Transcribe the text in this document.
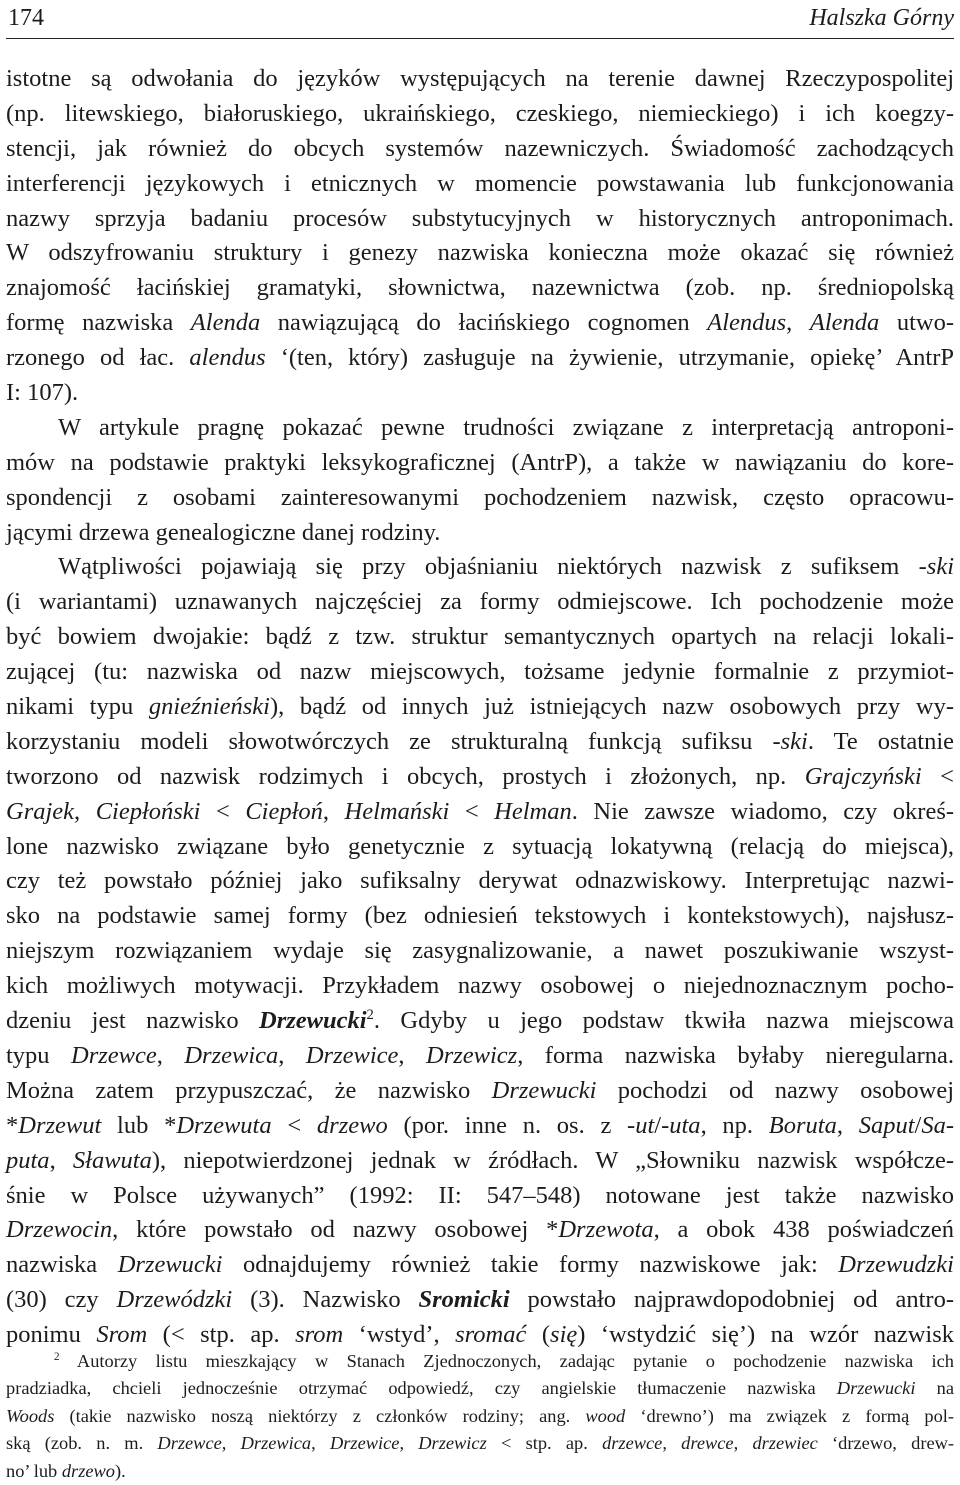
174	Halszka Górny
istotne są odwołania do języków występujących na terenie dawnej Rzeczypospolitej
(np. litewskiego, białoruskiego, ukraińskiego, czeskiego, niemieckiego) i ich koegzy-
stencji, jak również do obcych systemów nazewniczych. Świadomość zachodzących
interferencji językowych i etnicznych w momencie powstawania lub funkcjonowania
nazwy sprzyja badaniu procesów substytucyjnych w historycznych antroponimach.
W odszyfrowaniu struktury i genezy nazwiska konieczna może okazać się również
znajomość łacińskiej gramatyki, słownictwa, nazewnictwa (zob. np. średniopolską
formę nazwiska Alenda nawiązującą do łacińskiego cognomen Alendus, Alenda utwo-
rzonego od łac. alendus ‘(ten, który) zasługuje na żywienie, utrzymanie, opiekę’ AntrP
I: 107).
W artykule pragnę pokazać pewne trudności związane z interpretacją antroponi-
mów na podstawie praktyki leksykograficznej (AntrP), a także w nawiązaniu do kore-
spondencji z osobami zainteresowanymi pochodzeniem nazwisk, często opracowu-
jącymi drzewa genealogiczne danej rodziny.
Wątpliwości pojawiają się przy objaśnianiu niektórych nazwisk z sufiksem -ski
(i wariantami) uznawanych najczęściej za formy odmiejscowe. Ich pochodzenie może
być bowiem dwojakie: bądź z tzw. struktur semantycznych opartych na relacji lokali-
zującej (tu: nazwiska od nazw miejscowych, tożsame jedynie formalnie z przymiot-
nikami typu gnieźnieński), bądź od innych już istniejących nazw osobowych przy wy-
korzystaniu modeli słowotwórczych ze strukturalną funkcją sufiksu -ski. Te ostatnie
tworzono od nazwisk rodzimych i obcych, prostych i złożonych, np. Grajczyński <
Grajek, Ciepłoński < Ciepłoń, Helmański < Helman. Nie zawsze wiadomo, czy okreś-
lone nazwisko związane było genetycznie z sytuacją lokatywną (relacją do miejsca),
czy też powstało później jako sufiksalny derywat odnazwiskowy. Interpretując nazwi-
sko na podstawie samej formy (bez odniesień tekstowych i kontekstowych), najsłusz-
niejszym rozwiązaniem wydaje się zasygnalizowanie, a nawet poszukiwanie wszyst-
kich możliwych motywacji. Przykładem nazwy osobowej o niejednoznacznym pocho-
dzeniu jest nazwisko Drzewucki$^2$. Gdyby u jego podstaw tkwiła nazwa miejscowa
typu Drzewce, Drzewica, Drzewice, Drzewicz, forma nazwiska byłaby nieregularna.
Można zatem przypuszczać, że nazwisko Drzewucki pochodzi od nazwy osobowej
*Drzewut lub *Drzewuta < drzewo (por. inne n. os. z -ut/-uta, np. Boruta, Saput/Sa-
puta, Sławuta), niepotwierdzonej jednak w źródłach. W „Słowniku nazwisk współcze-
śnie w Polsce używanych” (1992: II: 547–548) notowane jest także nazwisko
Drzewocin, które powstało od nazwy osobowej *Drzewota, a obok 438 poświadczeń
nazwiska Drzewucki odnajdujemy również takie formy nazwiskowe jak: Drzewudzki
(30) czy Drzewódzki (3). Nazwisko Sromicki powstało najprawdopodobniej od antro-
ponimu Srom (< stp. ap. srom ‘wstyd’, sromać (się) ‘wstydzić się’) na wzór nazwisk
$^2$ Autorzy listu mieszkający w Stanach Zjednoczonych, zadając pytanie o pochodzenie nazwiska ich
pradziadka, chcieli jednocześnie otrzymać odpowiedź, czy angielskie tłumaczenie nazwiska Drzewucki na
Woods (takie nazwisko noszą niektórzy z członków rodziny; ang. wood ‘drewno’) ma związek z formą pol-
ską (zob. n. m. Drzewce, Drzewica, Drzewice, Drzewicz < stp. ap. drzewce, drewce, drzewiec ‘drzewo, drew-
no’ lub drzewo).
